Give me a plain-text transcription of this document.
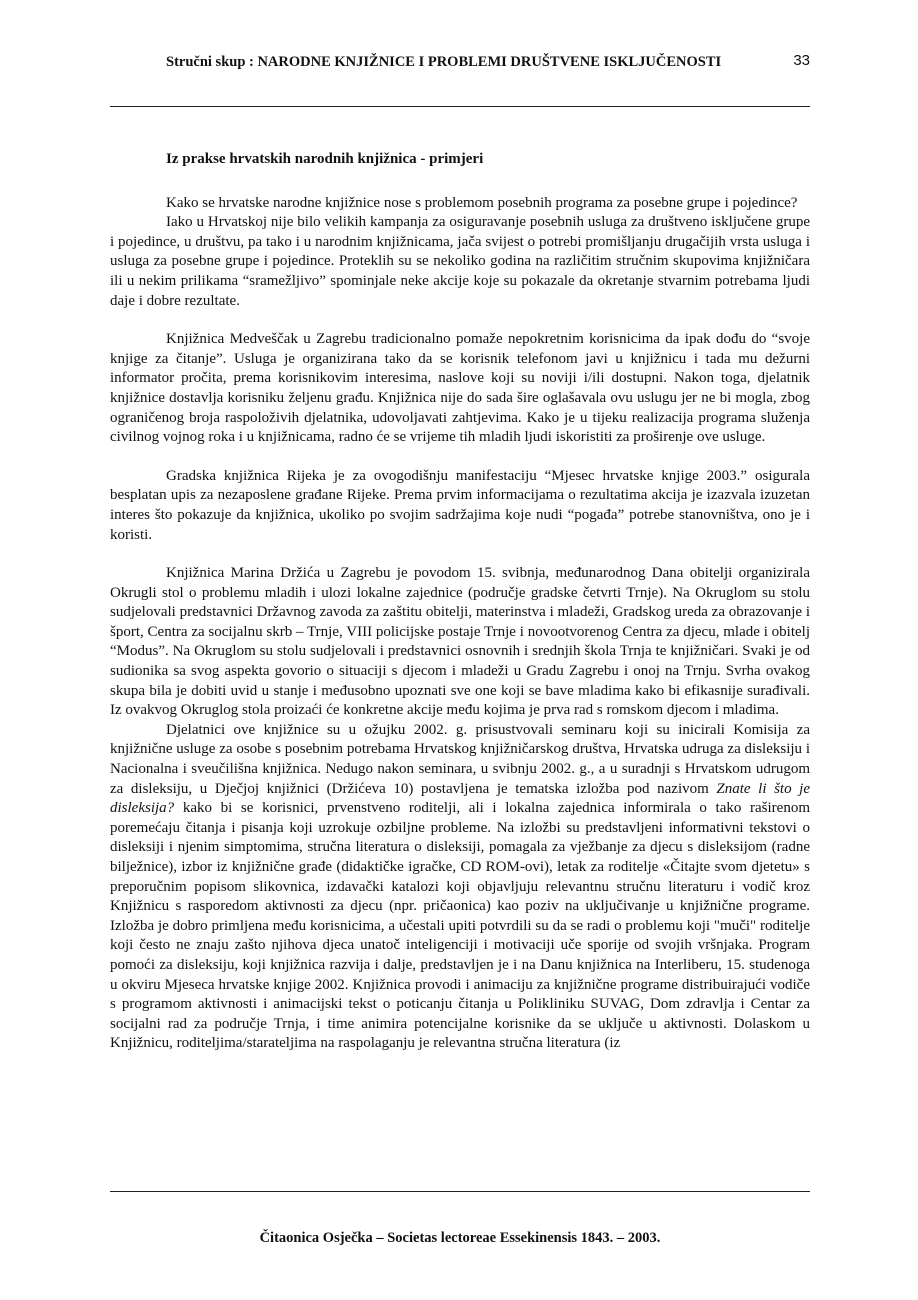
Stručni skup : NARODNE KNJIŽNICE I PROBLEMI DRUŠTVENE ISKLJUČENOSTI	33
Iz prakse hrvatskih narodnih knjižnica - primjeri

Kako se hrvatske narodne knjižnice nose s problemom posebnih programa za posebne grupe i pojedince?

Iako u Hrvatskoj nije bilo velikih kampanja za osiguravanje posebnih usluga za društveno isključene grupe i pojedince, u društvu, pa tako i u narodnim knjižnicama, jača svijest o potrebi promišljanju drugačijih vrsta usluga i usluga za posebne grupe i pojedince. Proteklih su se nekoliko godina na različitim stručnim skupovima knjižničara ili u nekim prilikama “sramežljivo” spominjale neke akcije koje su pokazale da okretanje stvarnim potrebama ljudi daje i dobre rezultate.

Knjižnica Medveščak u Zagrebu tradicionalno pomaže nepokretnim korisnicima da ipak dođu do “svoje knjige za čitanje”. Usluga je organizirana tako da se korisnik telefonom javi u knjižnicu i tada mu dežurni informator pročita, prema korisnikovim interesima, naslove koji su noviji i/ili dostupni. Nakon toga, djelatnik knjižnice dostavlja korisniku željenu građu. Knjižnica nije do sada šire oglašavala ovu uslugu jer ne bi mogla, zbog ograničenog broja raspoloživih djelatnika, udovoljavati zahtjevima. Kako je u tijeku realizacija programa služenja civilnog vojnog roka i u knjižnicama, radno će se vrijeme tih mladih ljudi iskoristiti za proširenje ove usluge.

Gradska knjižnica Rijeka je za ovogodišnju manifestaciju “Mjesec hrvatske knjige 2003.” osigurala besplatan upis za nezaposlene građane Rijeke. Prema prvim informacijama o rezultatima akcija je izazvala izuzetan interes što pokazuje da knjižnica, ukoliko po svojim sadržajima koje nudi “pogađa” potrebe stanovništva, ono je i koristi.

Knjižnica Marina Držića u Zagrebu je povodom 15. svibnja, međunarodnog Dana obitelji organizirala Okrugli stol o problemu mladih i ulozi lokalne zajednice (područje gradske četvrti Trnje). Na Okruglom su stolu sudjelovali predstavnici Državnog zavoda za zaštitu obitelji, materinstva i mladeži, Gradskog ureda za obrazovanje i šport, Centra za socijalnu skrb – Trnje, VIII policijske postaje Trnje i novootvorenog Centra za djecu, mlade i obitelj “Modus”. Na Okruglom su stolu sudjelovali i predstavnici osnovnih i srednjih škola Trnja te knjižničari. Svaki je od sudionika sa svog aspekta govorio o situaciji s djecom i mladeži u Gradu Zagrebu i onoj na Trnju. Svrha ovakog skupa bila je dobiti uvid u stanje i međusobno upoznati sve one koji se bave mladima kako bi efikasnije surađivali. Iz ovakvog Okruglog stola proizaći će konkretne akcije među kojima je prva rad s romskom djecom i mladima.

Djelatnici ove knjižnice su u ožujku 2002. g. prisustvovali seminaru koji su inicirali Komisija za knjižnične usluge za osobe s posebnim potrebama Hrvatskog knjižničarskog društva, Hrvatska udruga za disleksiju i Nacionalna i sveučilišna knjižnica. Nedugo nakon seminara, u svibnju 2002. g., a u suradnji s Hrvatskom udrugom za disleksiju, u Dječjoj knjižnici (Držićeva 10) postavljena je tematska izložba pod nazivom Znate li što je disleksija? kako bi se korisnici, prvenstveno roditelji, ali i lokalna zajednica informirala o tako raširenom poremećaju čitanja i pisanja koji uzrokuje ozbiljne probleme. Na izložbi su predstavljeni informativni tekstovi o disleksiji i njenim simptomima, stručna literatura o disleksiji, pomagala za vježbanje za djecu s disleksijom (radne bilježnice), izbor iz knjižnične građe (didaktičke igračke, CD ROM-ovi), letak za roditelje «Čitajte svom djetetu» s preporučnim popisom slikovnica, izdavački katalozi koji objavljuju relevantnu stručnu literaturu i vodič kroz Knjižnicu s rasporedom aktivnosti za djecu (npr. pričaonica) kao poziv na uključivanje u knjižnične programe. Izložba je dobro primljena među korisnicima, a učestali upiti potvrdili su da se radi o problemu koji "muči" roditelje koji često ne znaju zašto njihova djeca unatoč inteligenciji i motivaciji uče sporije od svojih vršnjaka. Program pomoći za disleksiju, koji knjižnica razvija i dalje, predstavljen je i na Danu knjižnica na Interliberu, 15. studenoga u okviru Mjeseca hrvatske knjige 2002. Knjižnica provodi i animaciju za knjižnične programe distribuirajući vodiče s programom aktivnosti i animacijski tekst o poticanju čitanja u Polikliniku SUVAG, Dom zdravlja i Centar za socijalni rad za područje Trnja, i time animira potencijalne korisnike da se uključe u aktivnosti. Dolaskom u Knjižnicu, roditeljima/starateljima na raspolaganju je relevantna stručna literatura (iz

Čitaonica Osječka – Societas lectoreae Essekinensis 1843. – 2003.
